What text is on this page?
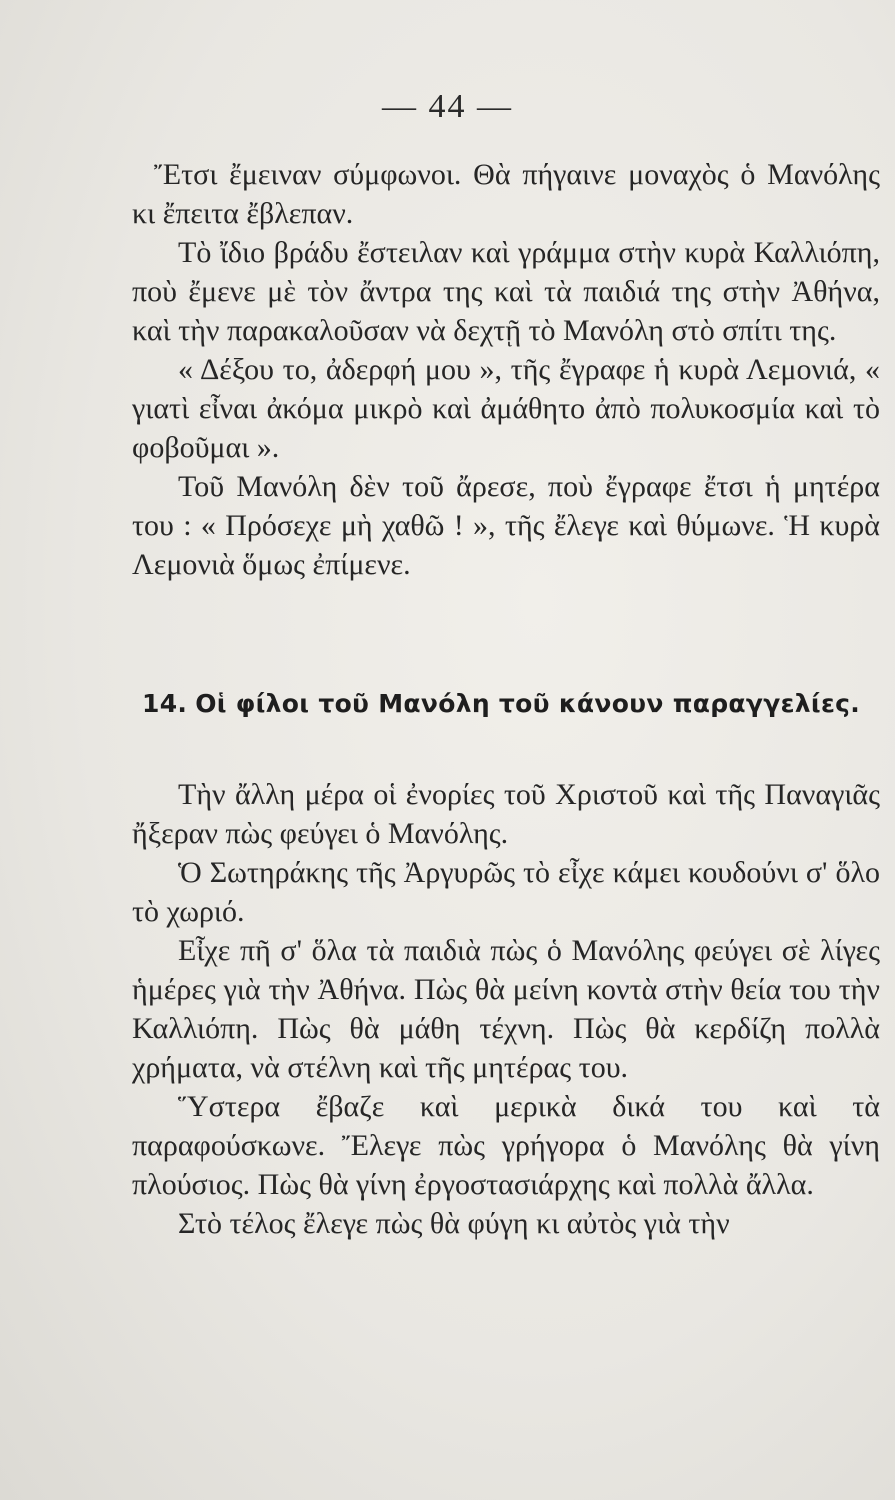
— 44 —

Ἔτσι ἔμειναν σύμφωνοι. Θὰ πήγαινε μοναχὸς ὁ Μανόλης κι ἔπειτα ἔβλεπαν.

Τὸ ἴδιο βράδυ ἔστειλαν καὶ γράμμα στὴν κυρὰ Καλλιόπη, ποὺ ἔμενε μὲ τὸν ἄντρα της καὶ τὰ παιδιά της στὴν Ἀθήνα, καὶ τὴν παρακαλοῦσαν νὰ δεχτῇ τὸ Μανόλη στὸ σπίτι της.

« Δέξου το, ἀδερφή μου », τῆς ἔγραφε ἡ κυρὰ Λεμονιά, « γιατὶ εἶναι ἀκόμα μικρὸ καὶ ἀμάθητο ἀπὸ πολυκοσμία καὶ τὸ φοβοῦμαι ».

Τοῦ Μανόλη δὲν τοῦ ἄρεσε, ποὺ ἔγραφε ἔτσι ἡ μητέρα του : « Πρόσεχε μὴ χαθῶ ! », τῆς ἔλεγε καὶ θύμωνε. Ἡ κυρὰ Λεμονιὰ ὅμως ἐπίμενε.

14. Οἱ φίλοι τοῦ Μανόλη τοῦ κάνουν παραγγελίες.

Τὴν ἄλλη μέρα οἱ ἐνορίες τοῦ Χριστοῦ καὶ τῆς Παναγιᾶς ἤξεραν πὼς φεύγει ὁ Μανόλης.

Ὁ Σωτηράκης τῆς Ἀργυρῶς τὸ εἶχε κάμει κουδούνι σ' ὅλο τὸ χωριό.

Εἶχε πῆ σ' ὅλα τὰ παιδιὰ πὼς ὁ Μανόλης φεύγει σὲ λίγες ἡμέρες γιὰ τὴν Ἀθήνα. Πὼς θὰ μείνη κοντὰ στὴν θεία του τὴν Καλλιόπη. Πὼς θὰ μάθη τέχνη. Πὼς θὰ κερδίζη πολλὰ χρήματα, νὰ στέλνη καὶ τῆς μητέρας του.

Ὕστερα ἔβαζε καὶ μερικὰ δικά του καὶ τὰ παραφούσκωνε. Ἔλεγε πὼς γρήγορα ὁ Μανόλης θὰ γίνη πλούσιος. Πὼς θὰ γίνη ἐργοστασιάρχης καὶ πολλὰ ἄλλα.

Στὸ τέλος ἔλεγε πὼς θὰ φύγη κι αὐτὸς γιὰ τὴν
